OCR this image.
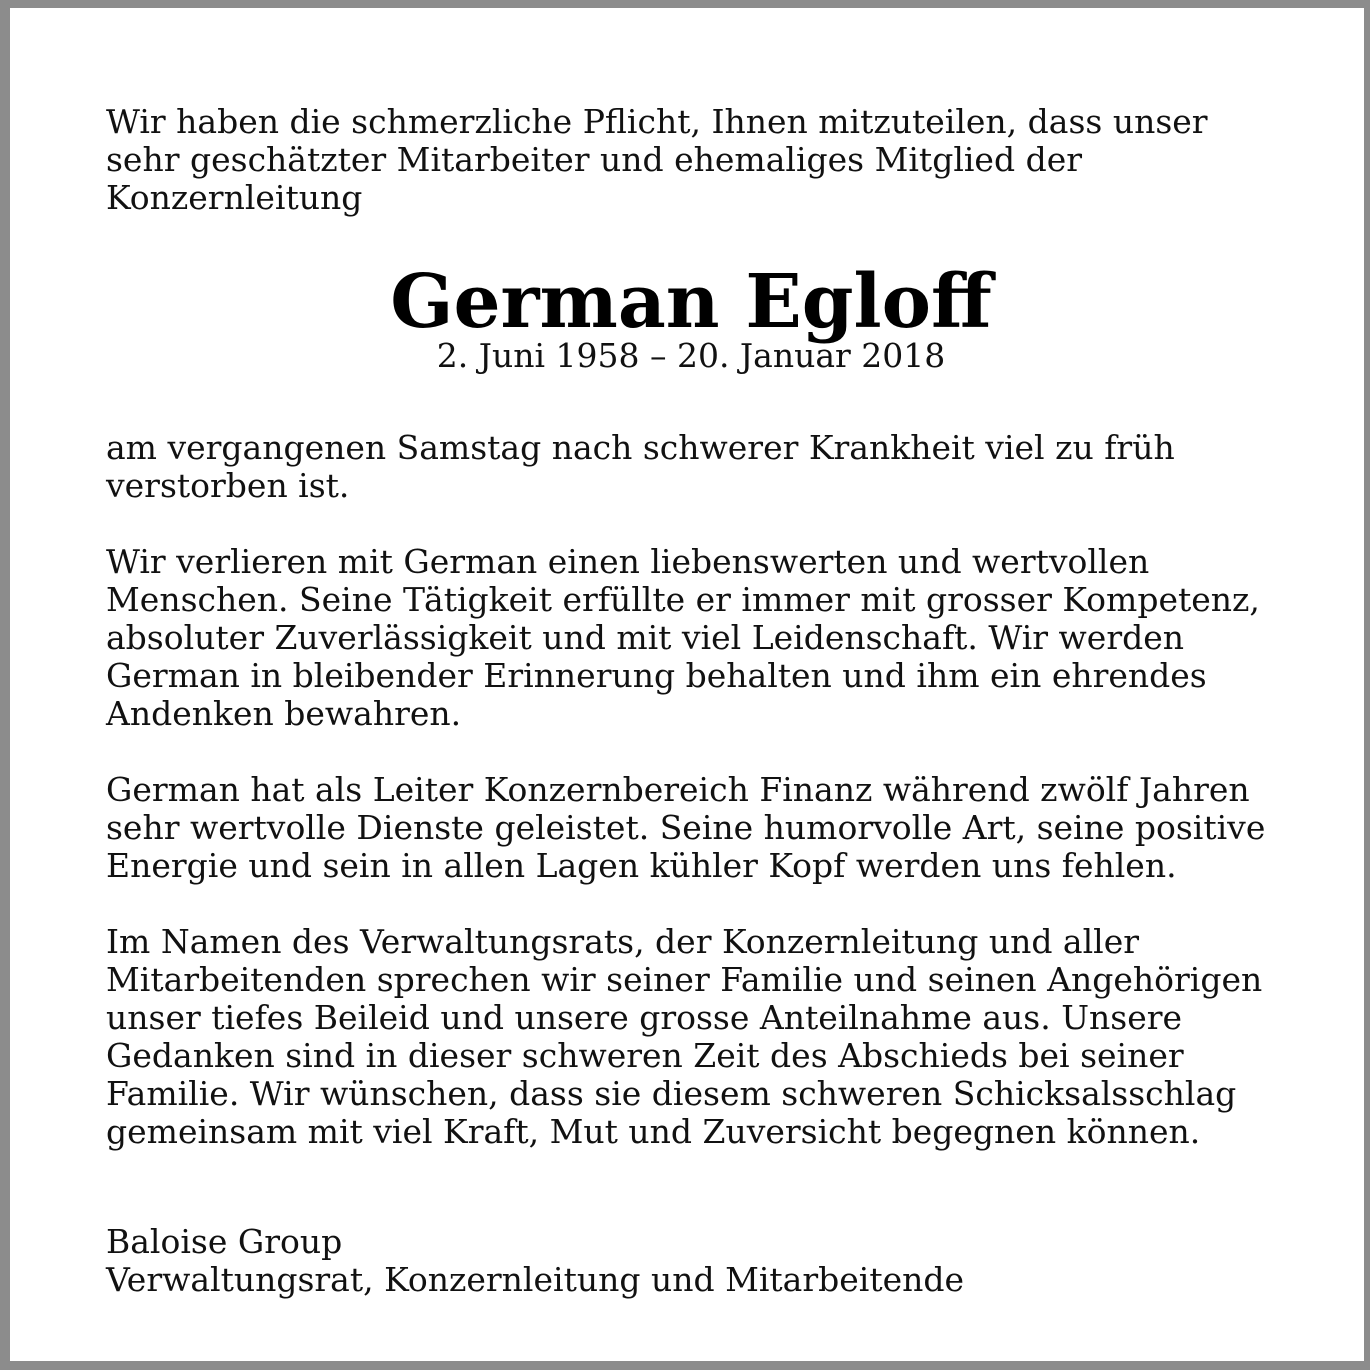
Wir haben die schmerzliche Pflicht, Ihnen mitzuteilen, dass unser
sehr geschätzter Mitarbeiter und ehemaliges Mitglied der
Konzernleitung

German Egloff
2. Juni 1958 – 20. Januar 2018

am vergangenen Samstag nach schwerer Krankheit viel zu früh
verstorben ist.

Wir verlieren mit German einen liebenswerten und wertvollen
Menschen. Seine Tätigkeit erfüllte er immer mit grosser Kompetenz,
absoluter Zuverlässigkeit und mit viel Leidenschaft. Wir werden
German in bleibender Erinnerung behalten und ihm ein ehrendes
Andenken bewahren.

German hat als Leiter Konzernbereich Finanz während zwölf Jahren
sehr wertvolle Dienste geleistet. Seine humorvolle Art, seine positive
Energie und sein in allen Lagen kühler Kopf werden uns fehlen.

Im Namen des Verwaltungsrats, der Konzernleitung und aller
Mitarbeitenden sprechen wir seiner Familie und seinen Angehörigen
unser tiefes Beileid und unsere grosse Anteilnahme aus. Unsere
Gedanken sind in dieser schweren Zeit des Abschieds bei seiner
Familie. Wir wünschen, dass sie diesem schweren Schicksalsschlag
gemeinsam mit viel Kraft, Mut und Zuversicht begegnen können.

Baloise Group
Verwaltungsrat, Konzernleitung und Mitarbeitende
